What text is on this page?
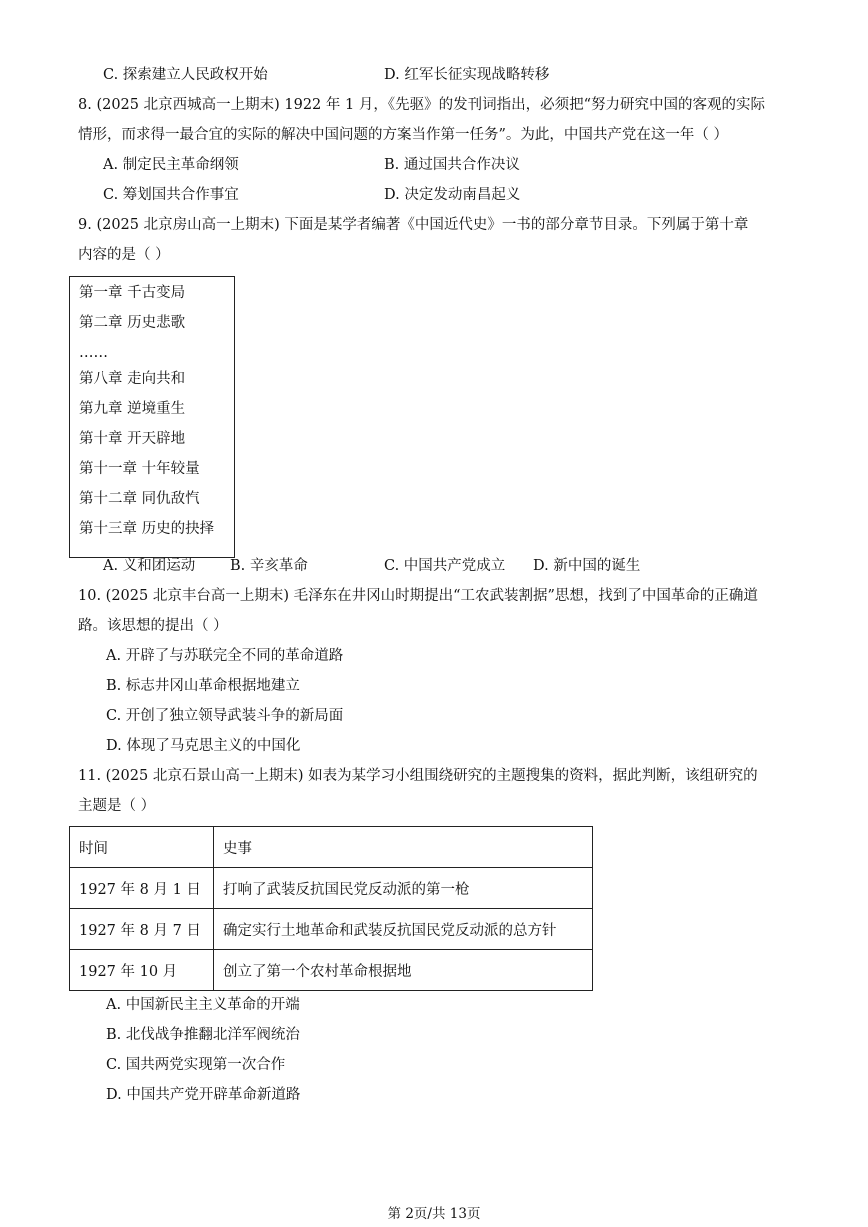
C. 探索建立人民政权开始	D. 红军长征实现战略转移
8. (2025 北京西城高一上期末) 1922 年 1 月，《先驱》的发刊词指出，必须把“努力研究中国的客观的实际
情形，而求得一最合宜的实际的解决中国问题的方案当作第一任务”。为此，中国共产党在这一年（ ）
A. 制定民主革命纲领	B. 通过国共合作决议
C. 筹划国共合作事宜	D. 决定发动南昌起义
9. (2025 北京房山高一上期末) 下面是某学者编著《中国近代史》一书的部分章节目录。下列属于第十章
内容的是（ ）
第一章 千古变局
第二章 历史悲歌
……
第八章 走向共和
第九章 逆境重生
第十章 开天辟地
第十一章 十年较量
第十二章 同仇敌忾
第十三章 历史的抉择
A. 义和团运动 B. 辛亥革命	C. 中国共产党成立 D. 新中国的诞生
10. (2025 北京丰台高一上期末) 毛泽东在井冈山时期提出“工农武装割据”思想，找到了中国革命的正确道
路。该思想的提出（ ）
A. 开辟了与苏联完全不同的革命道路
B. 标志井冈山革命根据地建立
C. 开创了独立领导武装斗争的新局面
D. 体现了马克思主义的中国化
11. (2025 北京石景山高一上期末) 如表为某学习小组围绕研究的主题搜集的资料，据此判断，该组研究的
主题是（ ）
时间	史事
1927 年 8 月 1 日	打响了武装反抗国民党反动派的第一枪
1927 年 8 月 7 日	确定实行土地革命和武装反抗国民党反动派的总方针
1927 年 10 月	创立了第一个农村革命根据地
A. 中国新民主主义革命的开端
B. 北伐战争推翻北洋军阀统治
C. 国共两党实现第一次合作
D. 中国共产党开辟革命新道路
第 2页/共 13页
